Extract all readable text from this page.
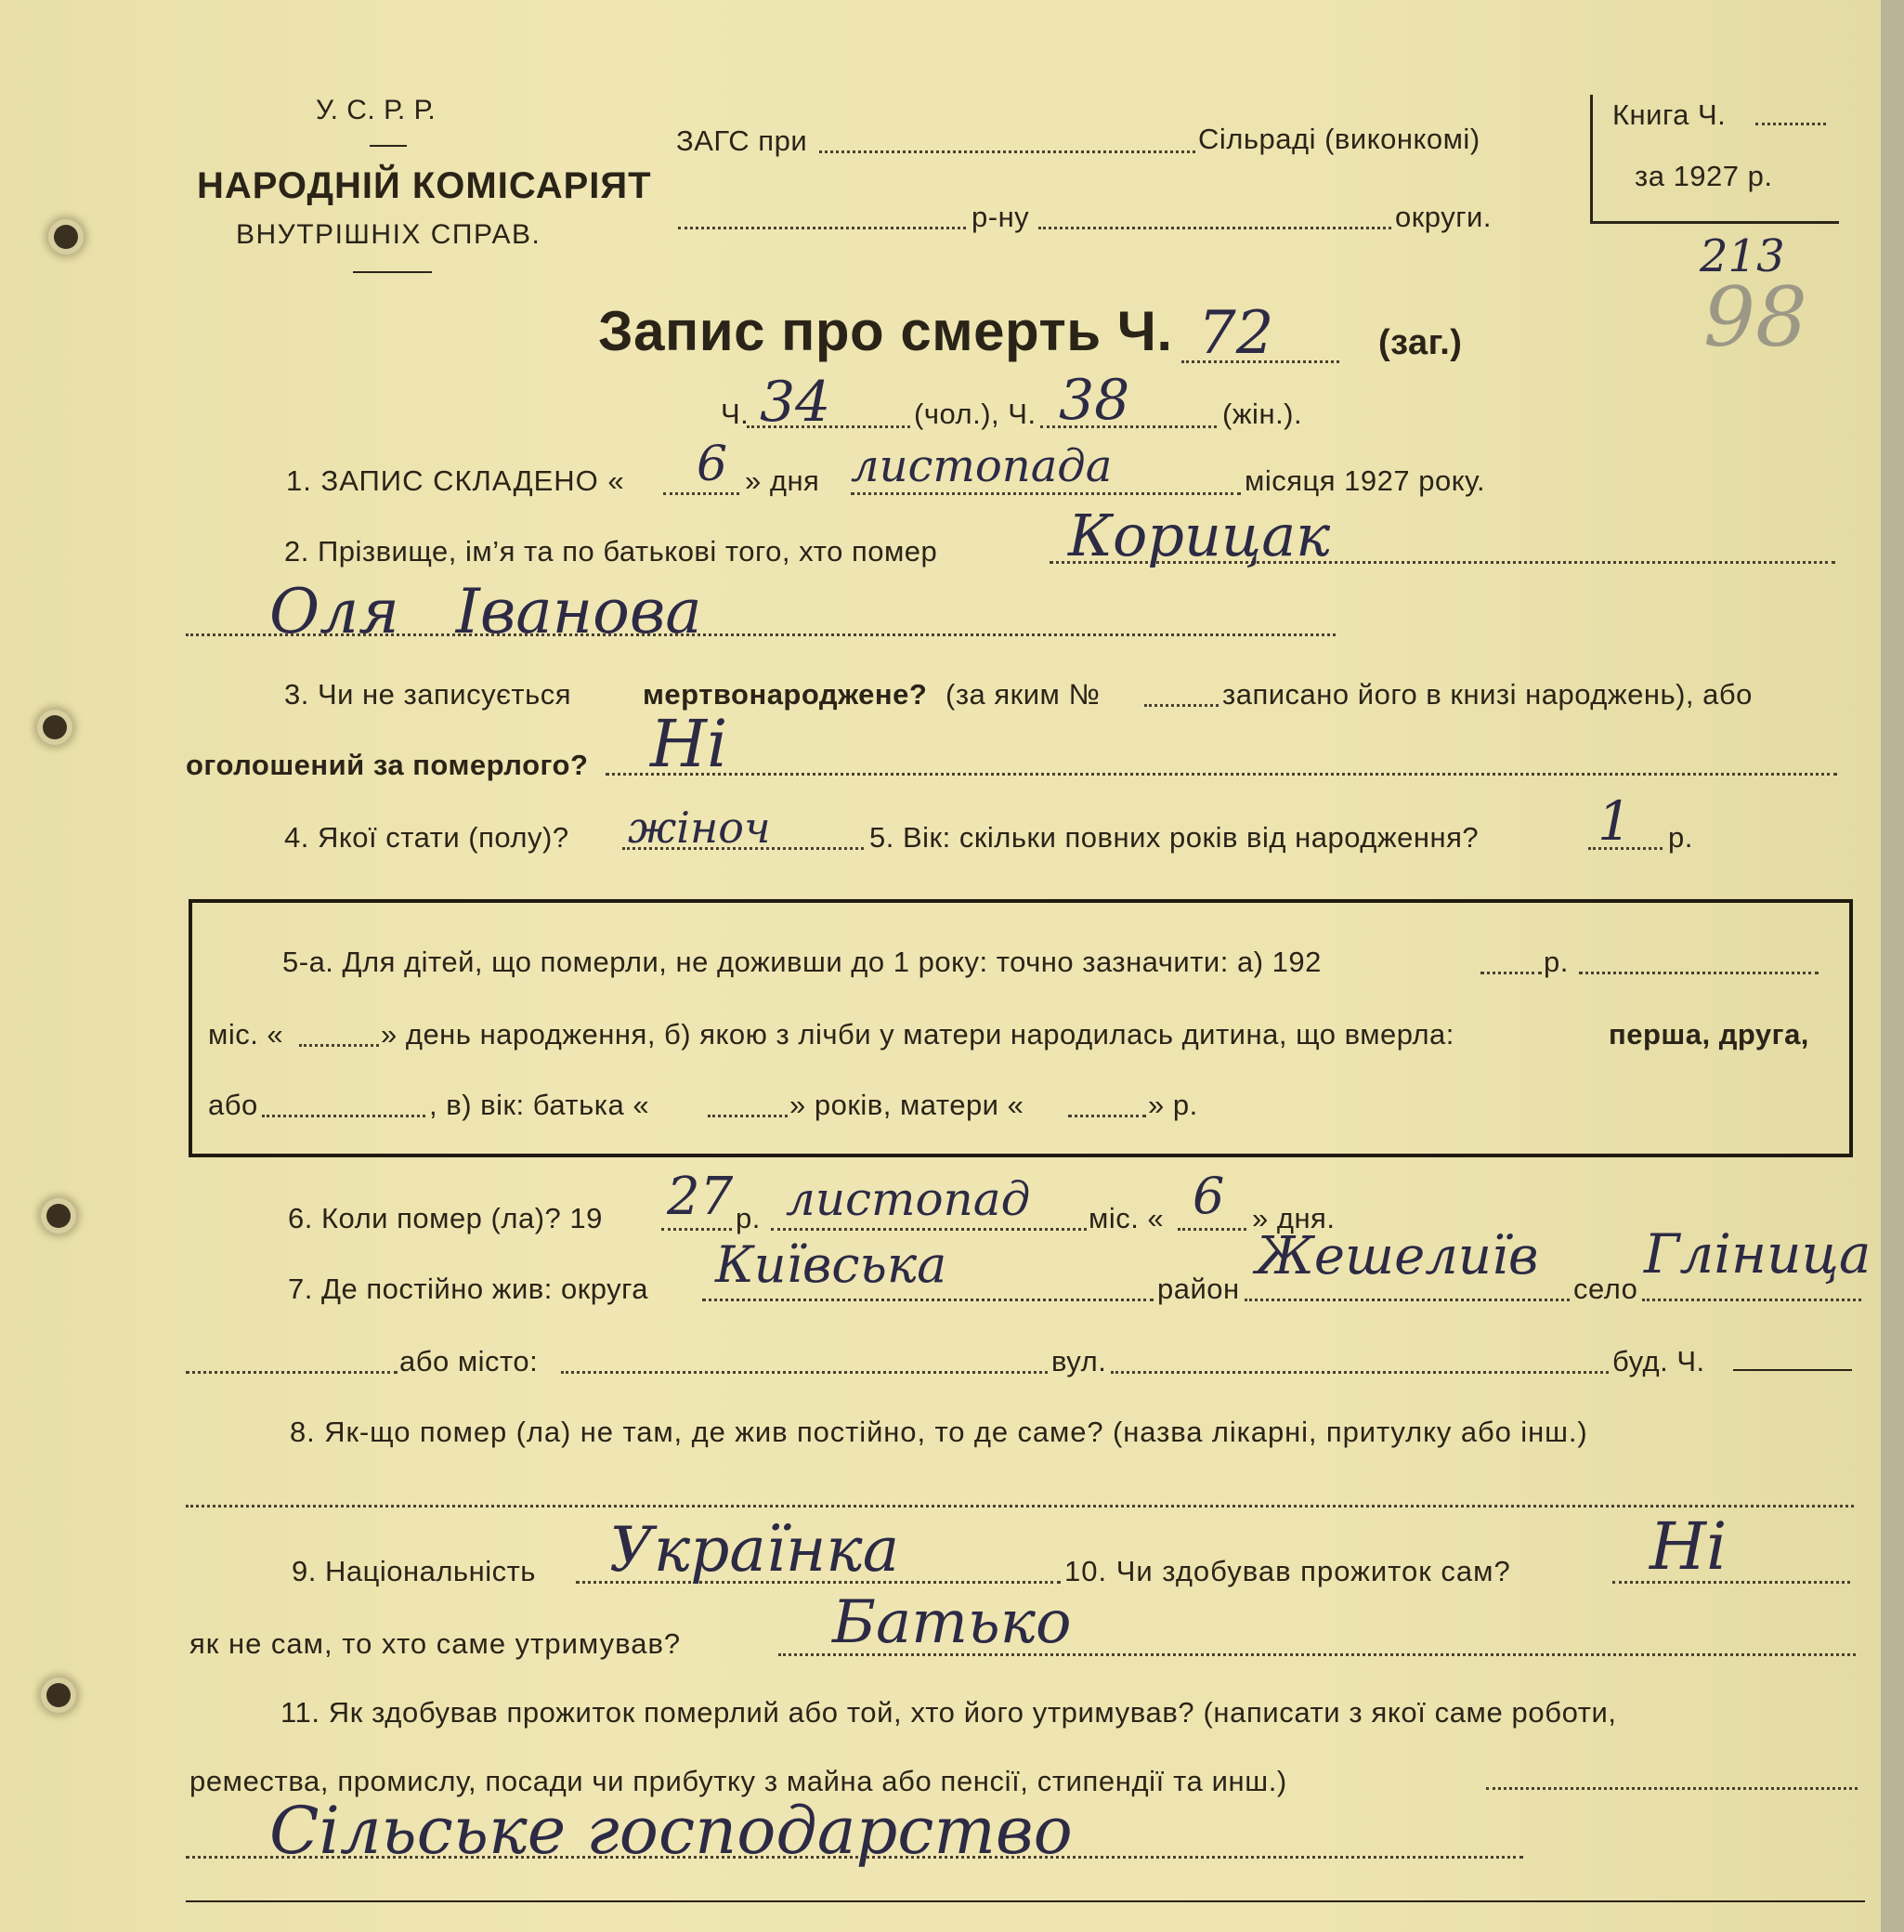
У. С. Р. Р.
НАРОДНІЙ КОМІСАРІЯТ
ВНУТРІШНІХ СПРАВ.
ЗАГС при	Сільраді (виконкомі)
р-ну	округи.
Книга Ч.
за 1927 р.
213
98
Запис про смерть Ч. 72	(заг.)
Ч. 34	(чол.), Ч. 38	(жін.).
1. ЗАПИС СКЛАДЕНО « 6 » дня листопада	місяця 1927 року.
2. Прізвище, ім’я та по батькові того, хто помер Корицак
Оля Іванова
3. Чи не записується мертвонароджене? (за яким №	записано його в книзі народжень), або
оголошений за померлого? Ні
4. Якої стати (полу)? жіноч	5. Вік: скільки повних років від народження? 1 р.
5-а. Для дітей, що померли, не доживши до 1 року: точно зазначити: а) 192	р.
міс. «	» день народження, б) якою з лічби у матери народилась дитина, що вмерла:	перша, друга,
або	, в) вік: батька «	» років, матери «	» р.
6. Коли помер (ла)? 19 27 р. листопад міс. « 6 » дня.
7. Де постійно жив: округа Київська	район
Жешелиїв
село
Гліница
або місто:	вул.	буд. Ч.
8. Як-що помер (ла) не там, де жив постійно, то де саме? (назва лікарні, притулку або інш.)
9. Національність Українка	10. Чи здобував прожиток сам? Ні
як не сам, то хто саме утримував?	Батько
11. Як здобував прожиток померлий або той, хто його утримував? (написати з якої саме роботи,
ремества, промислу, посади чи прибутку з майна або пенсії, стипендії та инш.)
Сільське господарство
